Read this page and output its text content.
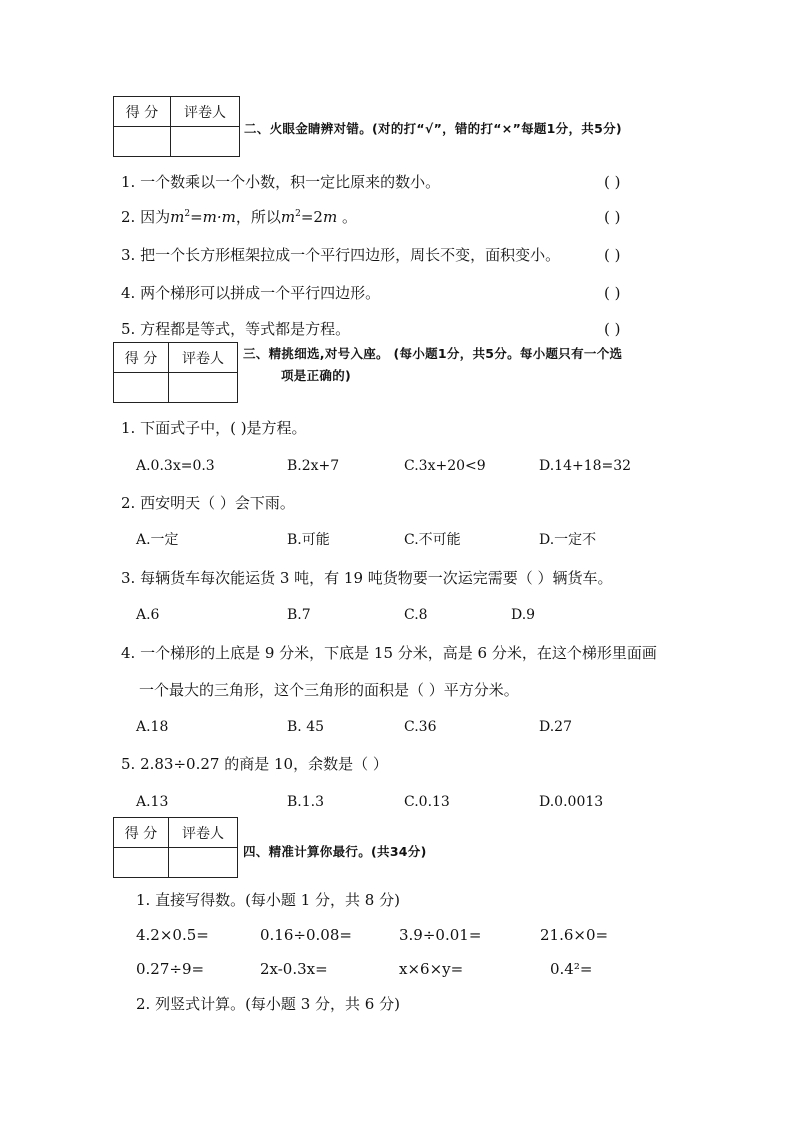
得 分	评卷人

二、火眼金睛辨对错。(对的打“√”，错的打“×”每题1分，共5分)
1. 一个数乘以一个小数，积一定比原来的数小。	( )
2. 因为$m^2=m\cdot m$，所以$m^2=2m$ 。	( )
3. 把一个长方形框架拉成一个平行四边形，周长不变，面积变小。	( )
4. 两个梯形可以拼成一个平行四边形。	( )
5. 方程都是等式，等式都是方程。	( )
得 分	评卷人
	三、精挑细选,对号入座。 (每小题1分，共5分。每小题只有一个选
项是正确的)
1. 下面式子中，( )是方程。
A.0.3x=0.3	B.2x+7	C.3x+20<9	D.14+18=32
2. 西安明天（ ）会下雨。
A.一定	B.可能	C.不可能	D.一定不
3. 每辆货车每次能运货 3 吨，有 19 吨货物要一次运完需要（ ）辆货车。
A.6	B.7	C.8	D.9
4. 一个梯形的上底是 9 分米，下底是 15 分米，高是 6 分米，在这个梯形里面画
一个最大的三角形，这个三角形的面积是（ ）平方分米。
A.18	B. 45	C.36	D.27
5. 2.83÷0.27 的商是 10，余数是（ ）
A.13	B.1.3	C.0.13	D.0.0013
得 分	评卷人

四、精准计算你最行。(共34分)
1. 直接写得数。(每小题 1 分，共 8 分)
4.2×0.5=	0.16÷0.08=	3.9÷0.01=	21.6×0=
0.27÷9=	2x-0.3x=	x×6×y=	0.4²=
2. 列竖式计算。(每小题 3 分，共 6 分)
